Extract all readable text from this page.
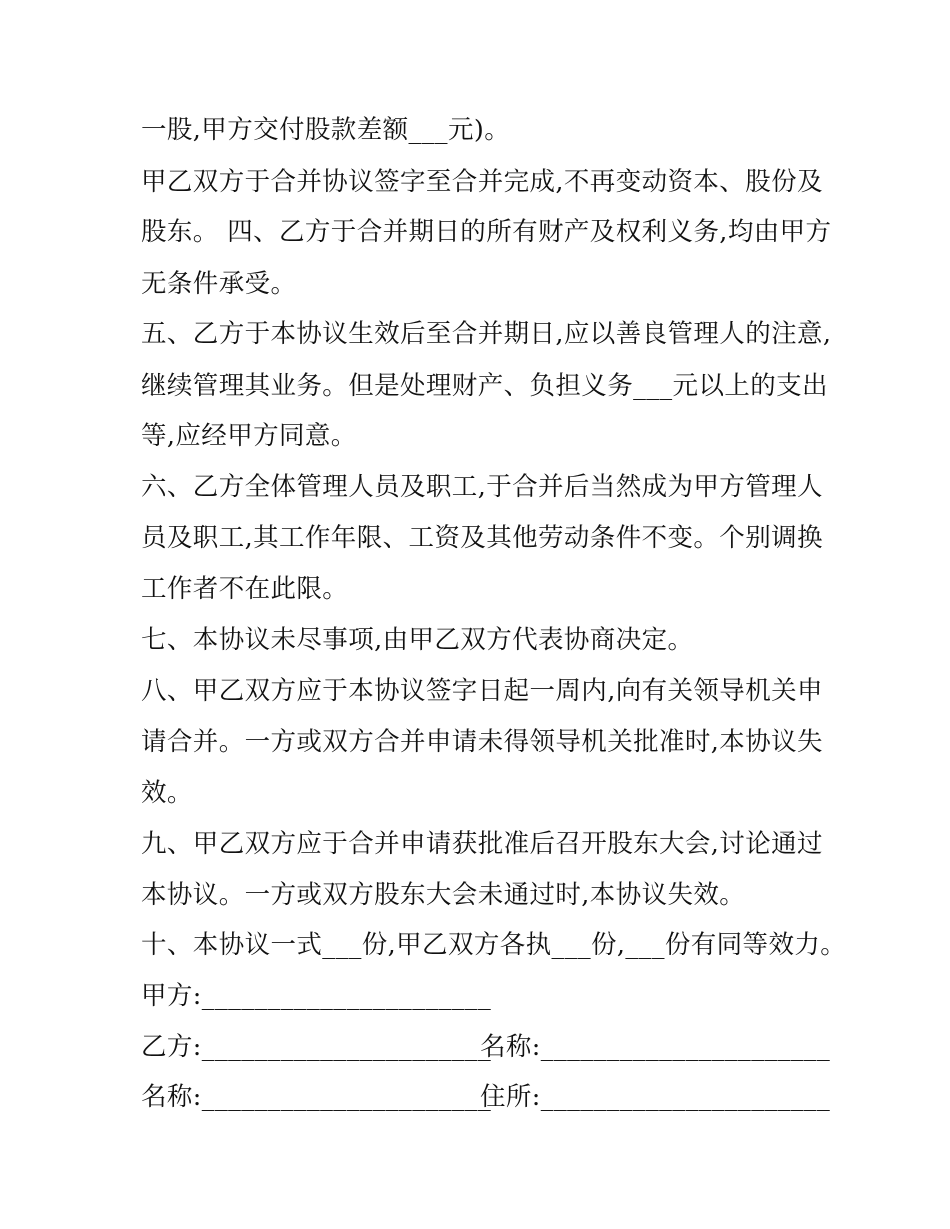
一股,甲方交付股款差额___元)。
甲乙双方于合并协议签字至合并完成,不再变动资本、股份及
股东。 四、乙方于合并期日的所有财产及权利义务,均由甲方
无条件承受。
五、乙方于本协议生效后至合并期日,应以善良管理人的注意,
继续管理其业务。但是处理财产、负担义务___元以上的支出
等,应经甲方同意。
六、乙方全体管理人员及职工,于合并后当然成为甲方管理人
员及职工,其工作年限、工资及其他劳动条件不变。个别调换
工作者不在此限。
七、本协议未尽事项,由甲乙双方代表协商决定。
八、甲乙双方应于本协议签字日起一周内,向有关领导机关申
请合并。一方或双方合并申请未得领导机关批准时,本协议失
效。
九、甲乙双方应于合并申请获批准后召开股东大会,讨论通过
本协议。一方或双方股东大会未通过时,本协议失效。
十、本协议一式___份,甲乙双方各执___份,___份有同等效力。
甲方:______________________
乙方:______________________
名称:______________________
名称:______________________
住所:______________________
